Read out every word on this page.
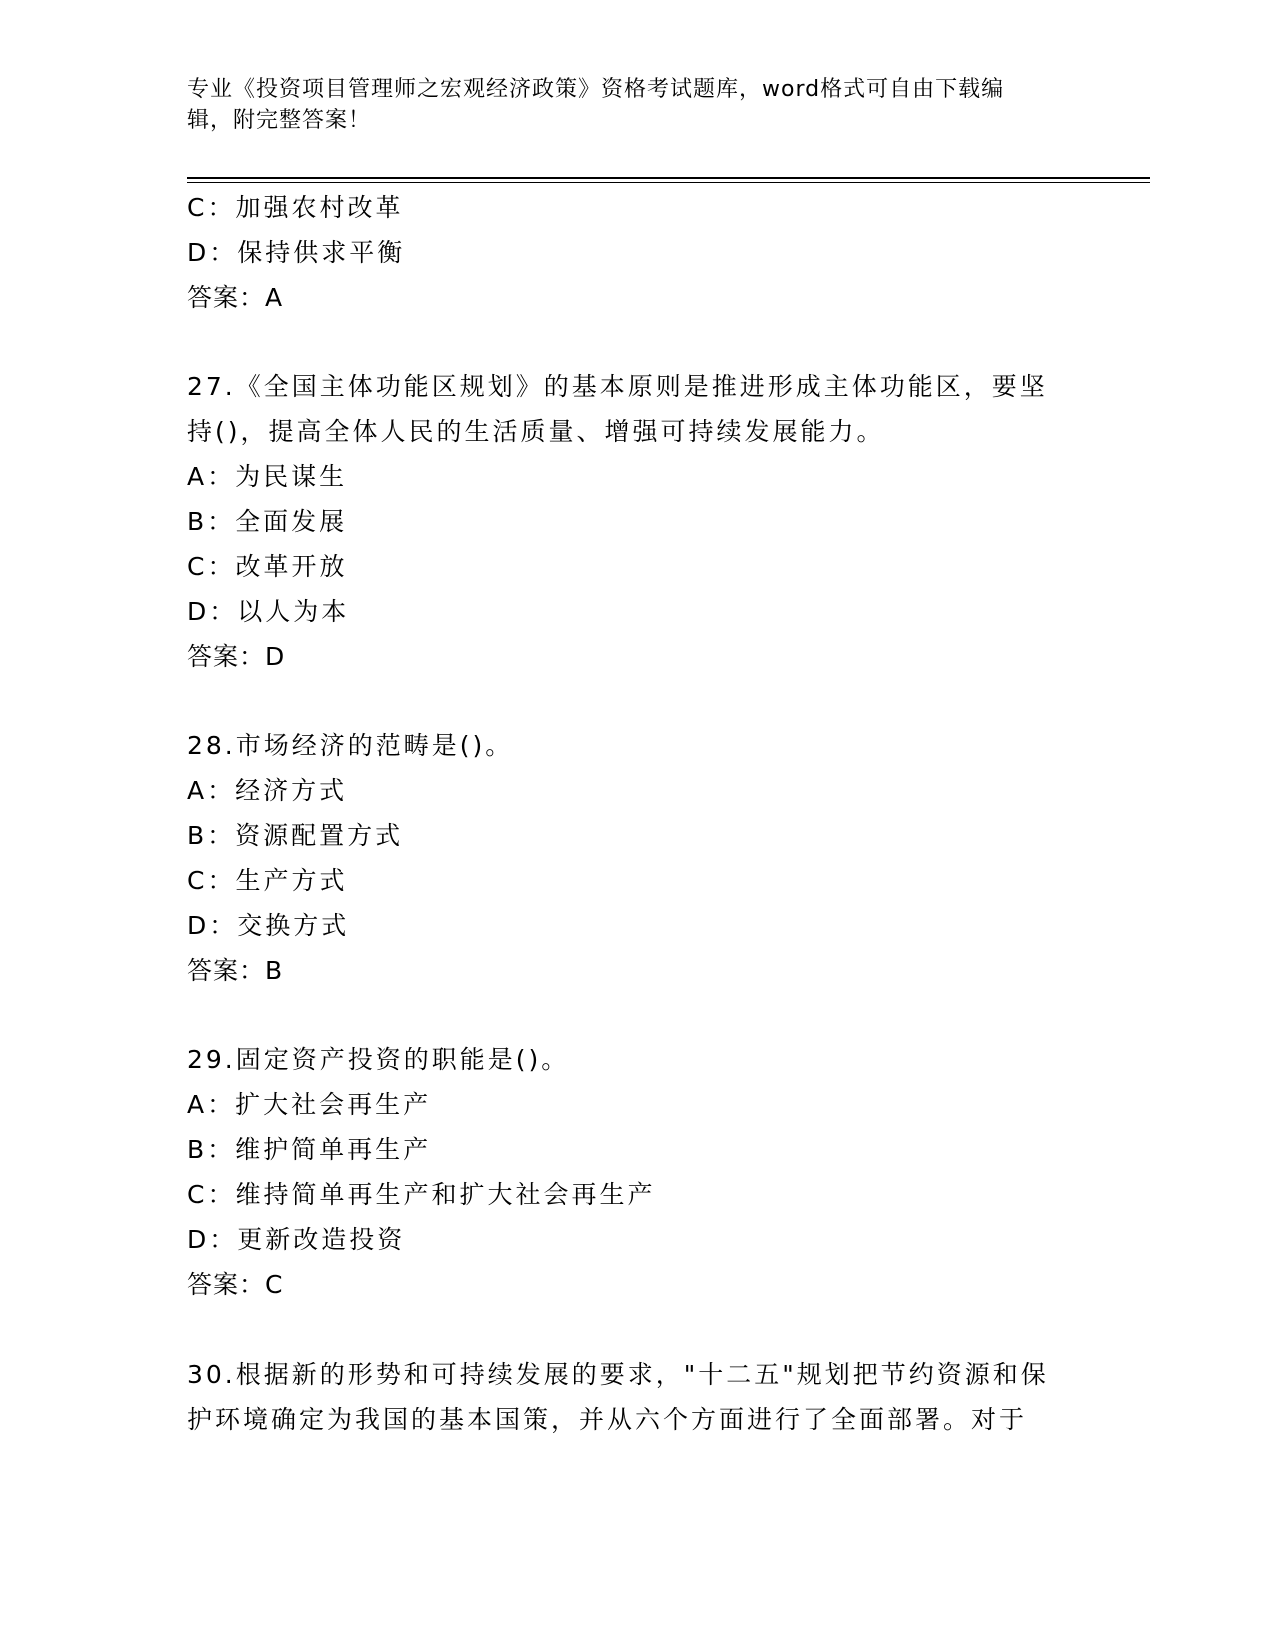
专业《投资项目管理师之宏观经济政策》资格考试题库，word格式可自由下载编
辑，附完整答案！
C：加强农村改革
D：保持供求平衡
答案：A
27.《全国主体功能区规划》的基本原则是推进形成主体功能区，要坚
持()，提高全体人民的生活质量、增强可持续发展能力。
A：为民谋生
B：全面发展
C：改革开放
D：以人为本
答案：D
28.市场经济的范畴是()。
A：经济方式
B：资源配置方式
C：生产方式
D：交换方式
答案：B
29.固定资产投资的职能是()。
A：扩大社会再生产
B：维护简单再生产
C：维持简单再生产和扩大社会再生产
D：更新改造投资
答案：C
30.根据新的形势和可持续发展的要求，"十二五"规划把节约资源和保
护环境确定为我国的基本国策，并从六个方面进行了全面部署。对于
